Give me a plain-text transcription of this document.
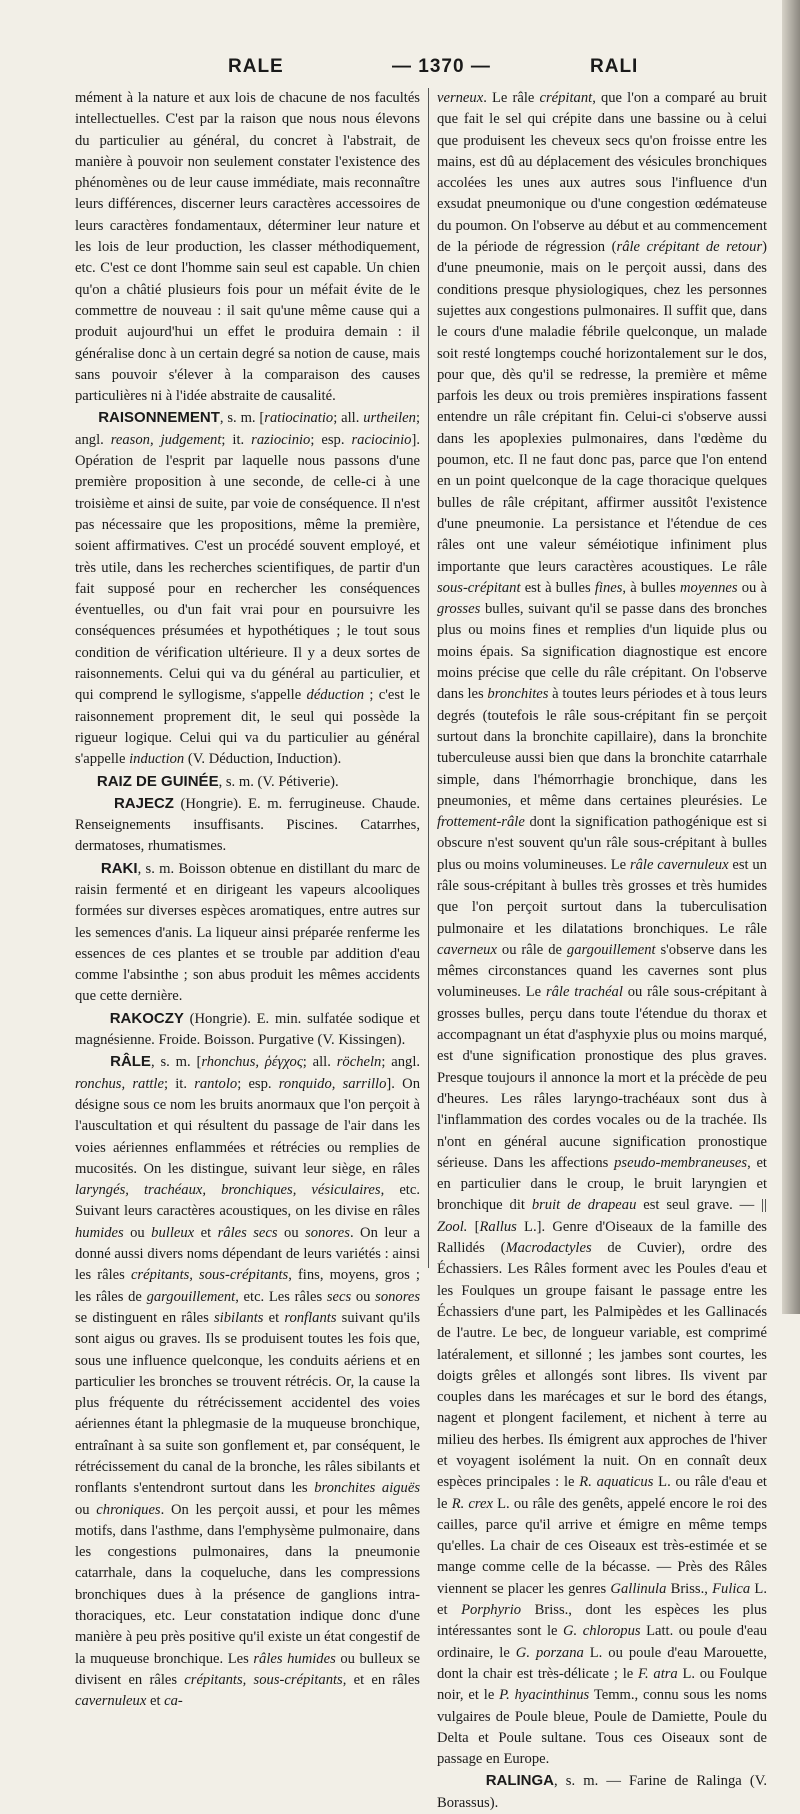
RALE	— 1370 —	RALI

mément à la nature et aux lois de chacune de nos facultés intellectuelles. C'est par la raison que nous nous élevons du particulier au général, du concret à l'abstrait, de manière à pouvoir non seulement constater l'existence des phénomènes ou de leur cause immédiate, mais reconnaître leurs différences, discerner leurs caractères accessoires de leurs caractères fondamentaux, déterminer leur nature et les lois de leur production, les classer méthodiquement, etc. C'est ce dont l'homme sain seul est capable. Un chien qu'on a châtié plusieurs fois pour un méfait évite de le commettre de nouveau : il sait qu'une même cause qui a produit aujourd'hui un effet le produira demain : il généralise donc à un certain degré sa notion de cause, mais sans pouvoir s'élever à la comparaison des causes particulières ni à l'idée abstraite de causalité.

RAISONNEMENT, s. m. [ratiocinatio; all. urtheilen; angl. reason, judgement; it. raziocinio; esp. raciocinio]. Opération de l'esprit par laquelle nous passons d'une première proposition à une seconde, de celle-ci à une troisième et ainsi de suite, par voie de conséquence. Il n'est pas nécessaire que les propositions, même la première, soient affirmatives. C'est un procédé souvent employé, et très utile, dans les recherches scientifiques, de partir d'un fait supposé pour en rechercher les conséquences éventuelles, ou d'un fait vrai pour en poursuivre les conséquences présumées et hypothétiques ; le tout sous condition de vérification ultérieure. Il y a deux sortes de raisonnements. Celui qui va du général au particulier, et qui comprend le syllogisme, s'appelle déduction ; c'est le raisonnement proprement dit, le seul qui possède la rigueur logique. Celui qui va du particulier au général s'appelle induction (V. Déduction, Induction).

RAIZ DE GUINÉE, s. m. (V. Pétiverie).

RAJECZ (Hongrie). E. m. ferrugineuse. Chaude. Renseignements insuffisants. Piscines. Catarrhes, dermatoses, rhumatismes.

RAKI, s. m. Boisson obtenue en distillant du marc de raisin fermenté et en dirigeant les vapeurs alcooliques formées sur diverses espèces aromatiques, entre autres sur les semences d'anis. La liqueur ainsi préparée renferme les essences de ces plantes et se trouble par addition d'eau comme l'absinthe ; son abus produit les mêmes accidents que cette dernière.

RAKOCZY (Hongrie). E. min. sulfatée sodique et magnésienne. Froide. Boisson. Purgative (V. Kissingen).

RÂLE, s. m. [rhonchus, ῥέγχος; all. röcheln; angl. ronchus, rattle; it. rantolo; esp. ronquido, sarrillo]. On désigne sous ce nom les bruits anormaux que l'on perçoit à l'auscultation et qui résultent du passage de l'air dans les voies aériennes enflammées et rétrécies ou remplies de mucosités. On les distingue, suivant leur siège, en râles laryngés, trachéaux, bronchiques, vésiculaires, etc. Suivant leurs caractères acoustiques, on les divise en râles humides ou bulleux et râles secs ou sonores. On leur a donné aussi divers noms dépendant de leurs variétés : ainsi les râles crépitants, sous-crépitants, fins, moyens, gros ; les râles de gargouillement, etc. Les râles secs ou sonores se distinguent en râles sibilants et ronflants suivant qu'ils sont aigus ou graves. Ils se produisent toutes les fois que, sous une influence quelconque, les conduits aériens et en particulier les bronches se trouvent rétrécis. Or, la cause la plus fréquente du rétrécissement accidentel des voies aériennes étant la phlegmasie de la muqueuse bronchique, entraînant à sa suite son gonflement et, par conséquent, le rétrécissement du canal de la bronche, les râles sibilants et ronflants s'entendront surtout dans les bronchites aiguës ou chroniques. On les perçoit aussi, et pour les mêmes motifs, dans l'asthme, dans l'emphysème pulmonaire, dans les congestions pulmonaires, dans la pneumonie catarrhale, dans la coqueluche, dans les compressions bronchiques dues à la présence de ganglions intra-thoraciques, etc. Leur constatation indique donc d'une manière à peu près positive qu'il existe un état congestif de la muqueuse bronchique. Les râles humides ou bulleux se divisent en râles crépitants, sous-crépitants, et en râles cavernuleux et ca-

verneux. Le râle crépitant, que l'on a comparé au bruit que fait le sel qui crépite dans une bassine ou à celui que produisent les cheveux secs qu'on froisse entre les mains, est dû au déplacement des vésicules bronchiques accolées les unes aux autres sous l'influence d'un exsudat pneumonique ou d'une congestion œdémateuse du poumon. On l'observe au début et au commencement de la période de régression (râle crépitant de retour) d'une pneumonie, mais on le perçoit aussi, dans des conditions presque physiologiques, chez les personnes sujettes aux congestions pulmonaires. Il suffit que, dans le cours d'une maladie fébrile quelconque, un malade soit resté longtemps couché horizontalement sur le dos, pour que, dès qu'il se redresse, la première et même parfois les deux ou trois premières inspirations fassent entendre un râle crépitant fin. Celui-ci s'observe aussi dans les apoplexies pulmonaires, dans l'œdème du poumon, etc. Il ne faut donc pas, parce que l'on entend en un point quelconque de la cage thoracique quelques bulles de râle crépitant, affirmer aussitôt l'existence d'une pneumonie. La persistance et l'étendue de ces râles ont une valeur séméiotique infiniment plus importante que leurs caractères acoustiques. Le râle sous-crépitant est à bulles fines, à bulles moyennes ou à grosses bulles, suivant qu'il se passe dans des bronches plus ou moins fines et remplies d'un liquide plus ou moins épais. Sa signification diagnostique est encore moins précise que celle du râle crépitant. On l'observe dans les bronchites à toutes leurs périodes et à tous leurs degrés (toutefois le râle sous-crépitant fin se perçoit surtout dans la bronchite capillaire), dans la bronchite tuberculeuse aussi bien que dans la bronchite catarrhale simple, dans l'hémorrhagie bronchique, dans les pneumonies, et même dans certaines pleurésies. Le frottement-râle dont la signification pathogénique est si obscure n'est souvent qu'un râle sous-crépitant à bulles plus ou moins volumineuses. Le râle cavernuleux est un râle sous-crépitant à bulles très grosses et très humides que l'on perçoit surtout dans la tuberculisation pulmonaire et les dilatations bronchiques. Le râle caverneux ou râle de gargouillement s'observe dans les mêmes circonstances quand les cavernes sont plus volumineuses. Le râle trachéal ou râle sous-crépitant à grosses bulles, perçu dans toute l'étendue du thorax et accompagnant un état d'asphyxie plus ou moins marqué, est d'une signification pronostique des plus graves. Presque toujours il annonce la mort et la précède de peu d'heures. Les râles laryngo-trachéaux sont dus à l'inflammation des cordes vocales ou de la trachée. Ils n'ont en général aucune signification pronostique sérieuse. Dans les affections pseudo-membraneuses, et en particulier dans le croup, le bruit laryngien et bronchique dit bruit de drapeau est seul grave. — || Zool. [Rallus L.]. Genre d'Oiseaux de la famille des Rallidés (Macrodactyles de Cuvier), ordre des Échassiers. Les Râles forment avec les Poules d'eau et les Foulques un groupe faisant le passage entre les Échassiers d'une part, les Palmipèdes et les Gallinacés de l'autre. Le bec, de longueur variable, est comprimé latéralement, et sillonné ; les jambes sont courtes, les doigts grêles et allongés sont libres. Ils vivent par couples dans les marécages et sur le bord des étangs, nagent et plongent facilement, et nichent à terre au milieu des herbes. Ils émigrent aux approches de l'hiver et voyagent isolément la nuit. On en connaît deux espèces principales : le R. aquaticus L. ou râle d'eau et le R. crex L. ou râle des genêts, appelé encore le roi des cailles, parce qu'il arrive et émigre en même temps qu'elles. La chair de ces Oiseaux est très-estimée et se mange comme celle de la bécasse. — Près des Râles viennent se placer les genres Gallinula Briss., Fulica L. et Porphyrio Briss., dont les espèces les plus intéressantes sont le G. chloropus Latt. ou poule d'eau ordinaire, le G. porzana L. ou poule d'eau Marouette, dont la chair est très-délicate ; le F. atra L. ou Foulque noir, et le P. hyacinthinus Temm., connu sous les noms vulgaires de Poule bleue, Poule de Damiette, Poule du Delta et Poule sultane. Tous ces Oiseaux sont de passage en Europe.

RALINGA, s. m. — Farine de Ralinga (V. Borassus).
